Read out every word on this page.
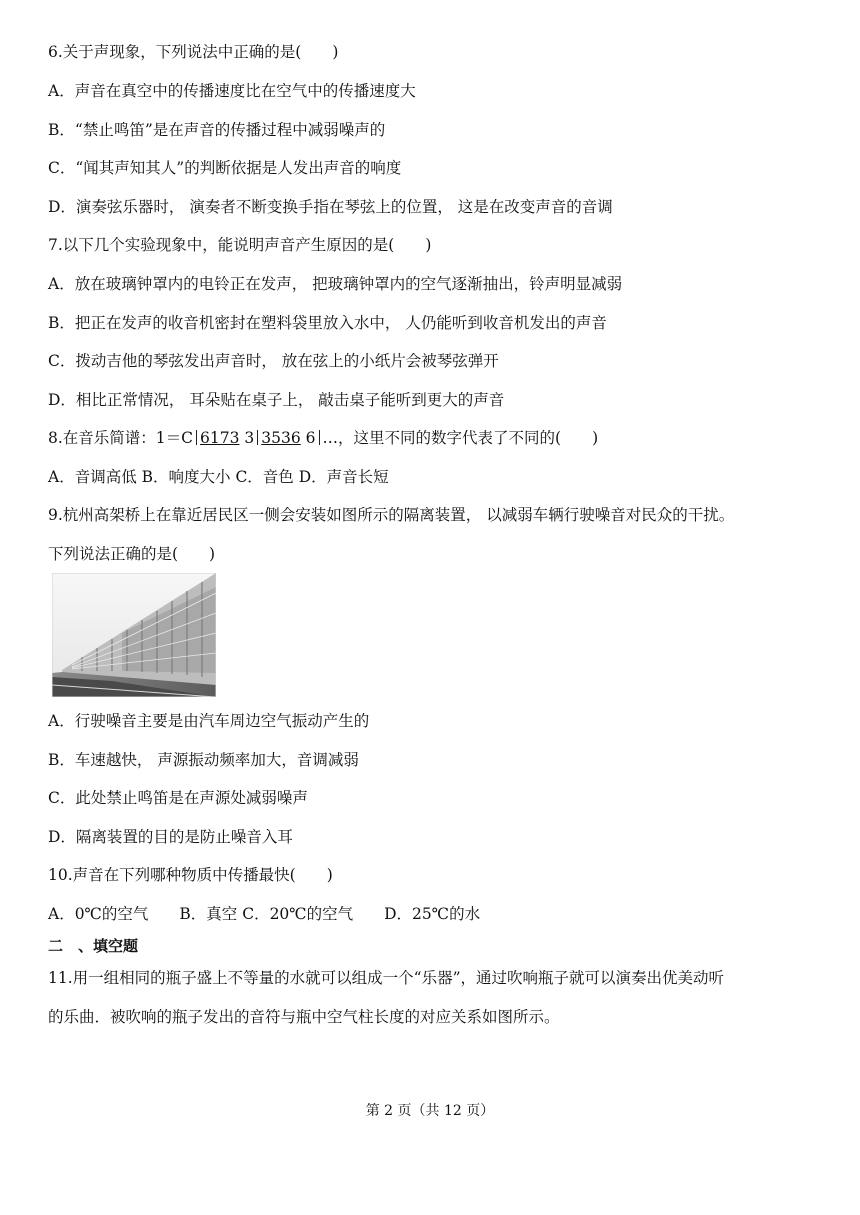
6.关于声现象，下列说法中正确的是(　　)
A．声音在真空中的传播速度比在空气中的传播速度大
B．“禁止鸣笛”是在声音的传播过程中减弱噪声的
C．“闻其声知其人”的判断依据是人发出声音的响度
D．演奏弦乐器时， 演奏者不断变换手指在琴弦上的位置， 这是在改变声音的音调
7.以下几个实验现象中，能说明声音产生原因的是(　　)
A．放在玻璃钟罩内的电铃正在发声， 把玻璃钟罩内的空气逐渐抽出，铃声明显减弱
B．把正在发声的收音机密封在塑料袋里放入水中， 人仍能听到收音机发出的声音
C．拨动吉他的琴弦发出声音时， 放在弦上的小纸片会被琴弦弹开
D．相比正常情况， 耳朵贴在桌子上， 敲击桌子能听到更大的声音
8.在音乐简谱：1＝C 6173 3 3536 6 …，这里不同的数字代表了不同的(　　)
A．音调高低 B．响度大小 C．音色 D．声音长短
9.杭州高架桥上在靠近居民区一侧会安装如图所示的隔离装置， 以减弱车辆行驶噪音对民众的干扰。
下列说法正确的是(　　)
A．行驶噪音主要是由汽车周边空气振动产生的
B．车速越快， 声源振动频率加大，音调减弱
C．此处禁止鸣笛是在声源处减弱噪声
D．隔离装置的目的是防止噪音入耳
10.声音在下列哪种物质中传播最快(　　)
A．0℃的空气　　B．真空 C．20℃的空气　　D．25℃的水
二　、填空题
11.用一组相同的瓶子盛上不等量的水就可以组成一个“乐器”，通过吹响瓶子就可以演奏出优美动听
的乐曲．被吹响的瓶子发出的音符与瓶中空气柱长度的对应关系如图所示。
第 2 页（共 12 页）
